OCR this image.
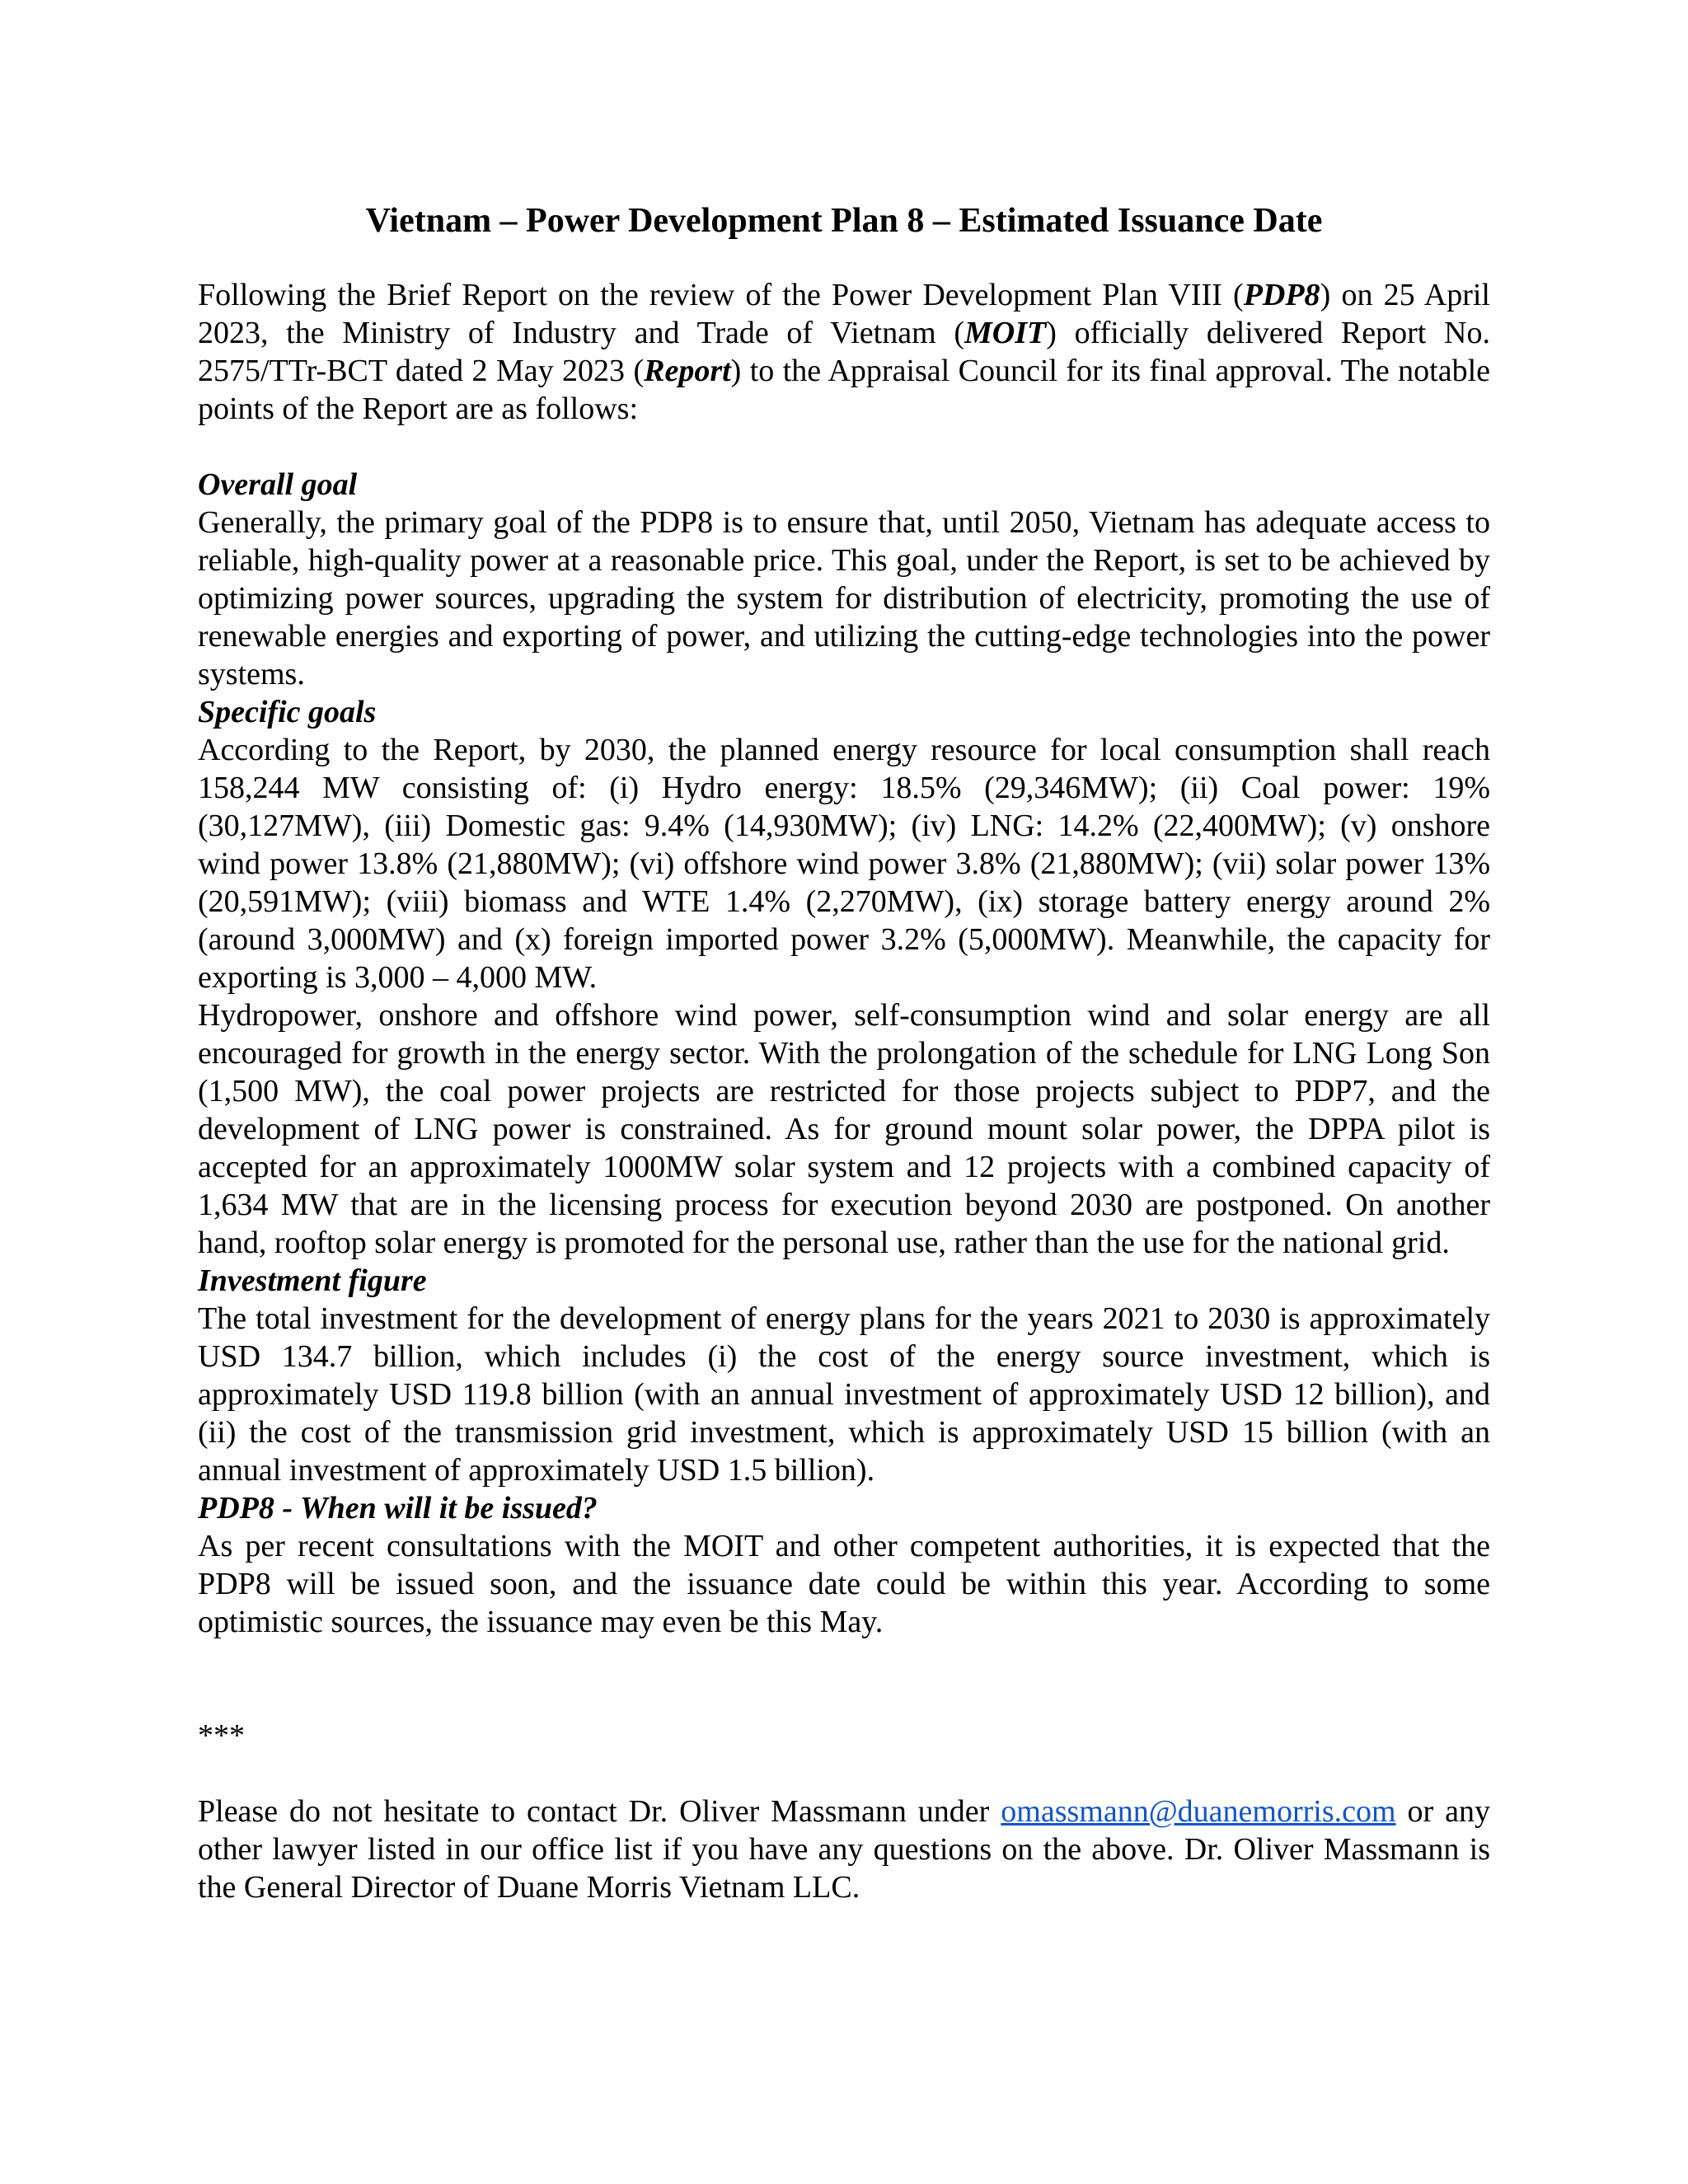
Vietnam – Power Development Plan 8 – Estimated Issuance Date

Following the Brief Report on the review of the Power Development Plan VIII (PDP8) on 25 April 2023, the Ministry of Industry and Trade of Vietnam (MOIT) officially delivered Report No. 2575/TTr-BCT dated 2 May 2023 (Report) to the Appraisal Council for its final approval. The notable points of the Report are as follows:

Overall goal

Generally, the primary goal of the PDP8 is to ensure that, until 2050, Vietnam has adequate access to reliable, high-quality power at a reasonable price. This goal, under the Report, is set to be achieved by optimizing power sources, upgrading the system for distribution of electricity, promoting the use of renewable energies and exporting of power, and utilizing the cutting-edge technologies into the power systems.

Specific goals

According to the Report, by 2030, the planned energy resource for local consumption shall reach 158,244 MW consisting of: (i) Hydro energy: 18.5% (29,346MW); (ii) Coal power: 19% (30,127MW), (iii) Domestic gas: 9.4% (14,930MW); (iv) LNG: 14.2% (22,400MW); (v) onshore wind power 13.8% (21,880MW); (vi) offshore wind power 3.8% (21,880MW); (vii) solar power 13% (20,591MW); (viii) biomass and WTE 1.4% (2,270MW), (ix) storage battery energy around 2% (around 3,000MW) and (x) foreign imported power 3.2% (5,000MW). Meanwhile, the capacity for exporting is 3,000 – 4,000 MW.

Hydropower, onshore and offshore wind power, self-consumption wind and solar energy are all encouraged for growth in the energy sector. With the prolongation of the schedule for LNG Long Son (1,500 MW), the coal power projects are restricted for those projects subject to PDP7, and the development of LNG power is constrained. As for ground mount solar power, the DPPA pilot is accepted for an approximately 1000MW solar system and 12 projects with a combined capacity of 1,634 MW that are in the licensing process for execution beyond 2030 are postponed. On another hand, rooftop solar energy is promoted for the personal use, rather than the use for the national grid.

Investment figure

The total investment for the development of energy plans for the years 2021 to 2030 is approximately USD 134.7 billion, which includes (i) the cost of the energy source investment, which is approximately USD 119.8 billion (with an annual investment of approximately USD 12 billion), and (ii) the cost of the transmission grid investment, which is approximately USD 15 billion (with an annual investment of approximately USD 1.5 billion).

PDP8 - When will it be issued?

As per recent consultations with the MOIT and other competent authorities, it is expected that the PDP8 will be issued soon, and the issuance date could be within this year. According to some optimistic sources, the issuance may even be this May.

***

Please do not hesitate to contact Dr. Oliver Massmann under omassmann@duanemorris.com or any other lawyer listed in our office list if you have any questions on the above. Dr. Oliver Massmann is the General Director of Duane Morris Vietnam LLC.
